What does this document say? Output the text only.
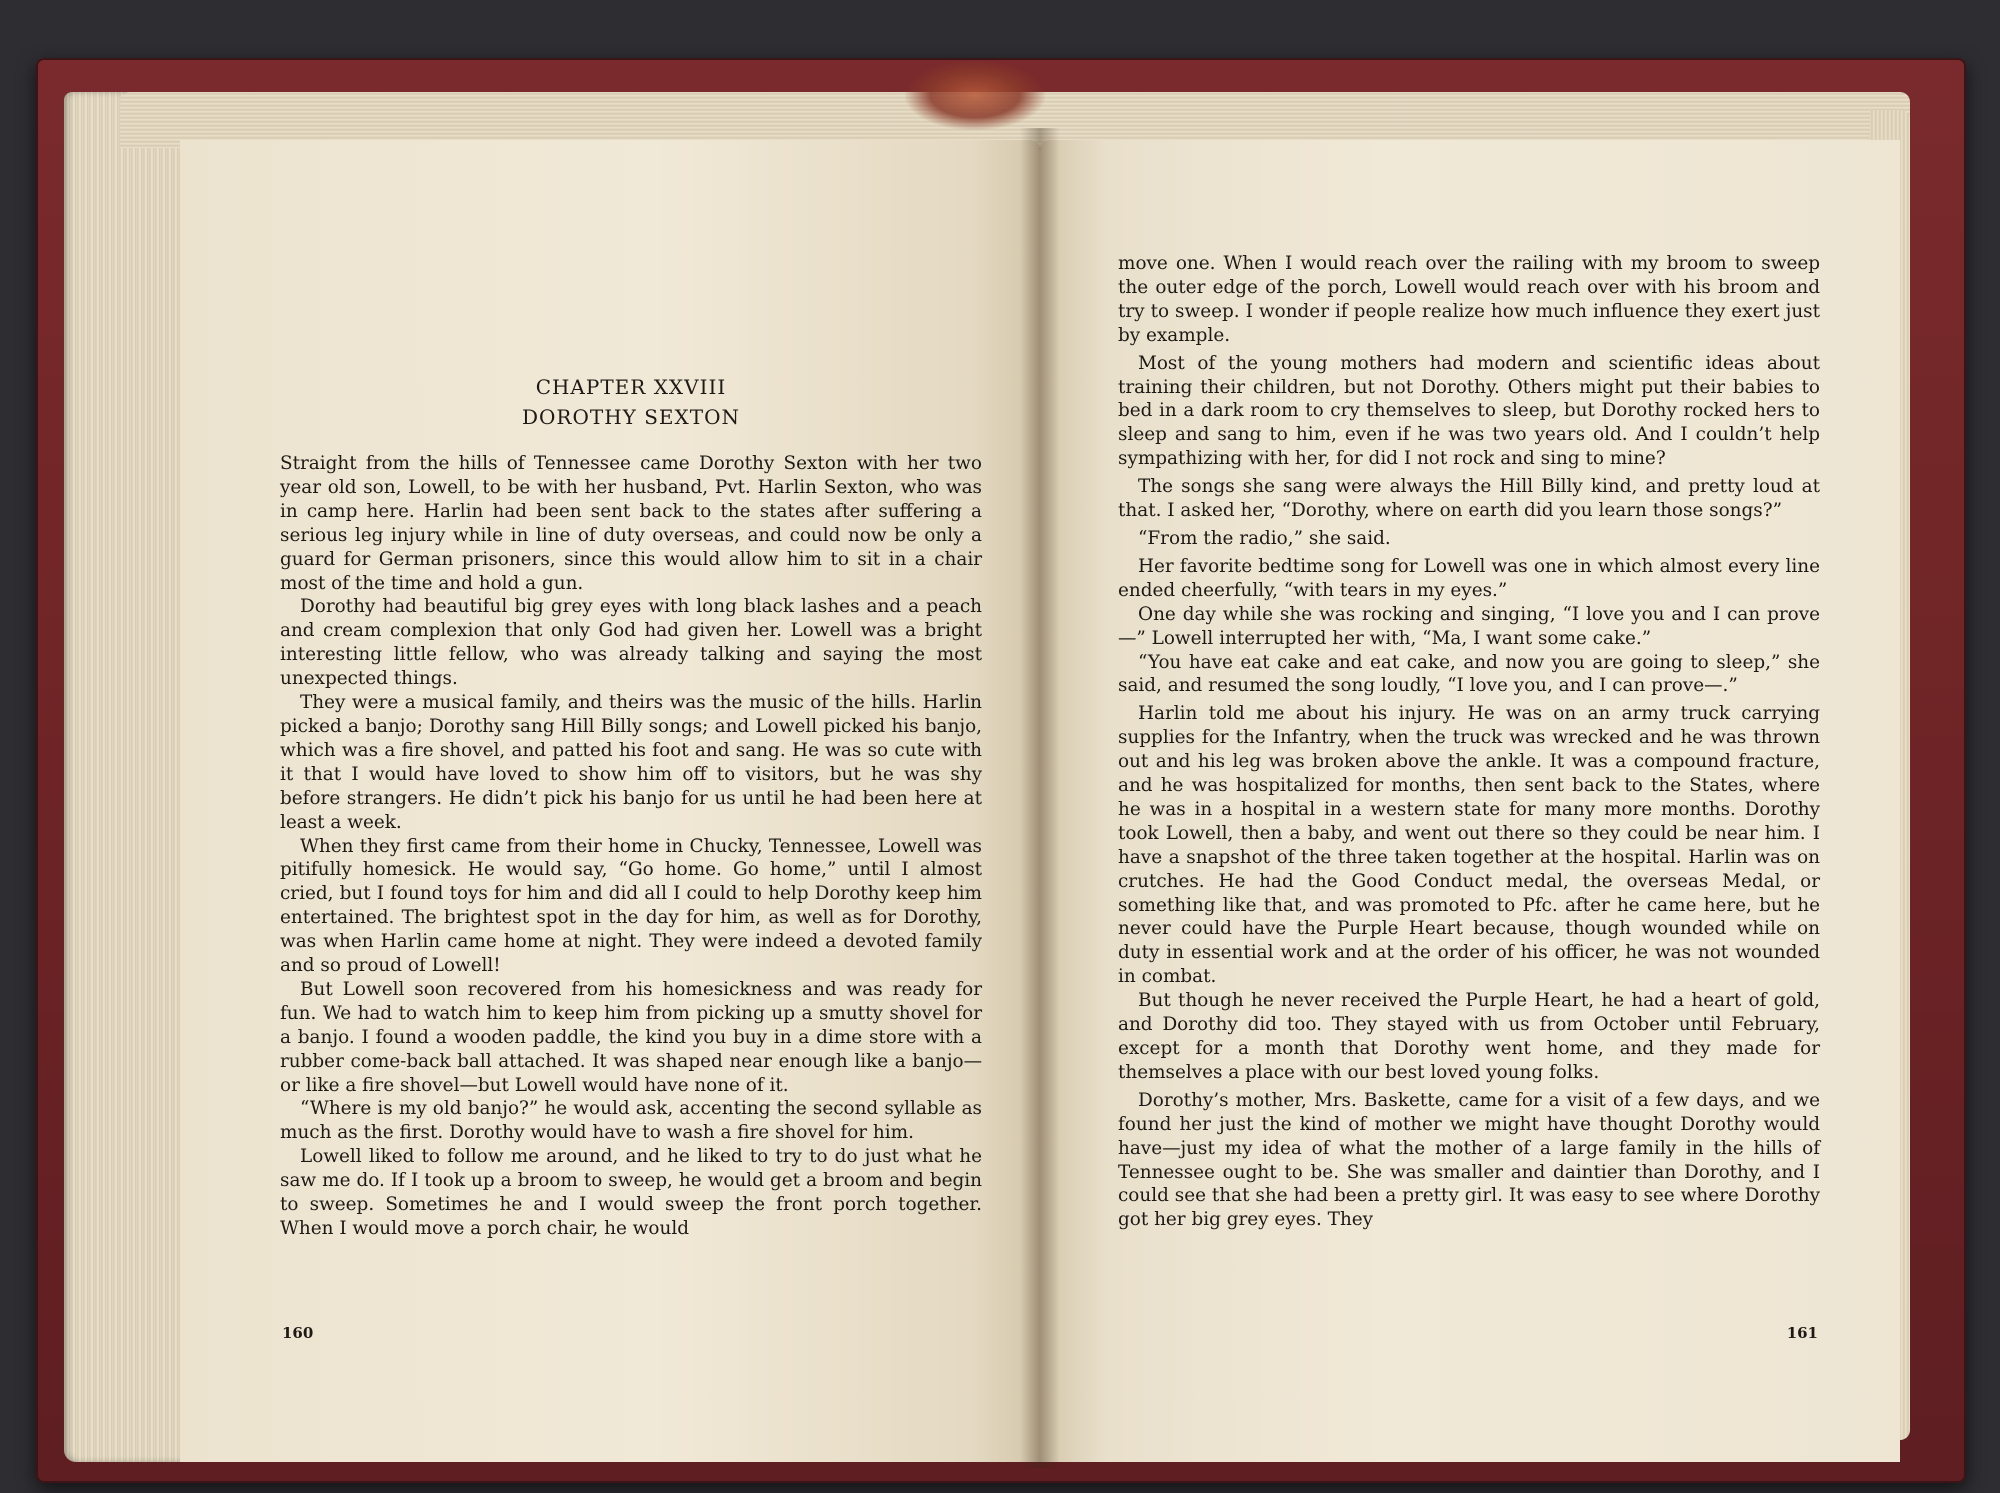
CHAPTER XXVIII
DOROTHY SEXTON

Straight from the hills of Tennessee came Dorothy Sexton with her two year old son, Lowell, to be with her husband, Pvt. Harlin Sexton, who was in camp here. Harlin had been sent back to the states after suffering a serious leg injury while in line of duty overseas, and could now be only a guard for German prisoners, since this would allow him to sit in a chair most of the time and hold a gun.

Dorothy had beautiful big grey eyes with long black lashes and a peach and cream complexion that only God had given her. Lowell was a bright interesting little fellow, who was already talking and saying the most unexpected things.

They were a musical family, and theirs was the music of the hills. Harlin picked a banjo; Dorothy sang Hill Billy songs; and Lowell picked his banjo, which was a fire shovel, and patted his foot and sang. He was so cute with it that I would have loved to show him off to visitors, but he was shy before strangers. He didn’t pick his banjo for us until he had been here at least a week.

When they first came from their home in Chucky, Tennessee, Lowell was pitifully homesick. He would say, “Go home. Go home,” until I almost cried, but I found toys for him and did all I could to help Dorothy keep him entertained. The brightest spot in the day for him, as well as for Dorothy, was when Harlin came home at night. They were indeed a devoted family and so proud of Lowell!

But Lowell soon recovered from his homesickness and was ready for fun. We had to watch him to keep him from picking up a smutty shovel for a banjo. I found a wooden paddle, the kind you buy in a dime store with a rubber come-back ball attached. It was shaped near enough like a banjo—or like a fire shovel—but Lowell would have none of it.

“Where is my old banjo?” he would ask, accenting the second syllable as much as the first. Dorothy would have to wash a fire shovel for him.

Lowell liked to follow me around, and he liked to try to do just what he saw me do. If I took up a broom to sweep, he would get a broom and begin to sweep. Sometimes he and I would sweep the front porch together. When I would move a porch chair, he would

160

move one. When I would reach over the railing with my broom to sweep the outer edge of the porch, Lowell would reach over with his broom and try to sweep. I wonder if people realize how much influence they exert just by example.

Most of the young mothers had modern and scientific ideas about training their children, but not Dorothy. Others might put their babies to bed in a dark room to cry themselves to sleep, but Dorothy rocked hers to sleep and sang to him, even if he was two years old. And I couldn’t help sympathizing with her, for did I not rock and sing to mine?

The songs she sang were always the Hill Billy kind, and pretty loud at that. I asked her, “Dorothy, where on earth did you learn those songs?”

“From the radio,” she said.

Her favorite bedtime song for Lowell was one in which almost every line ended cheerfully, “with tears in my eyes.”

One day while she was rocking and singing, “I love you and I can prove—” Lowell interrupted her with, “Ma, I want some cake.”

“You have eat cake and eat cake, and now you are going to sleep,” she said, and resumed the song loudly, “I love you, and I can prove—.”

Harlin told me about his injury. He was on an army truck carrying supplies for the Infantry, when the truck was wrecked and he was thrown out and his leg was broken above the ankle. It was a compound fracture, and he was hospitalized for months, then sent back to the States, where he was in a hospital in a western state for many more months. Dorothy took Lowell, then a baby, and went out there so they could be near him. I have a snapshot of the three taken together at the hospital. Harlin was on crutches. He had the Good Conduct medal, the overseas Medal, or something like that, and was promoted to Pfc. after he came here, but he never could have the Purple Heart because, though wounded while on duty in essential work and at the order of his officer, he was not wounded in combat.

But though he never received the Purple Heart, he had a heart of gold, and Dorothy did too. They stayed with us from October until February, except for a month that Dorothy went home, and they made for themselves a place with our best loved young folks.

Dorothy’s mother, Mrs. Baskette, came for a visit of a few days, and we found her just the kind of mother we might have thought Dorothy would have—just my idea of what the mother of a large family in the hills of Tennessee ought to be. She was smaller and daintier than Dorothy, and I could see that she had been a pretty girl. It was easy to see where Dorothy got her big grey eyes. They

161
